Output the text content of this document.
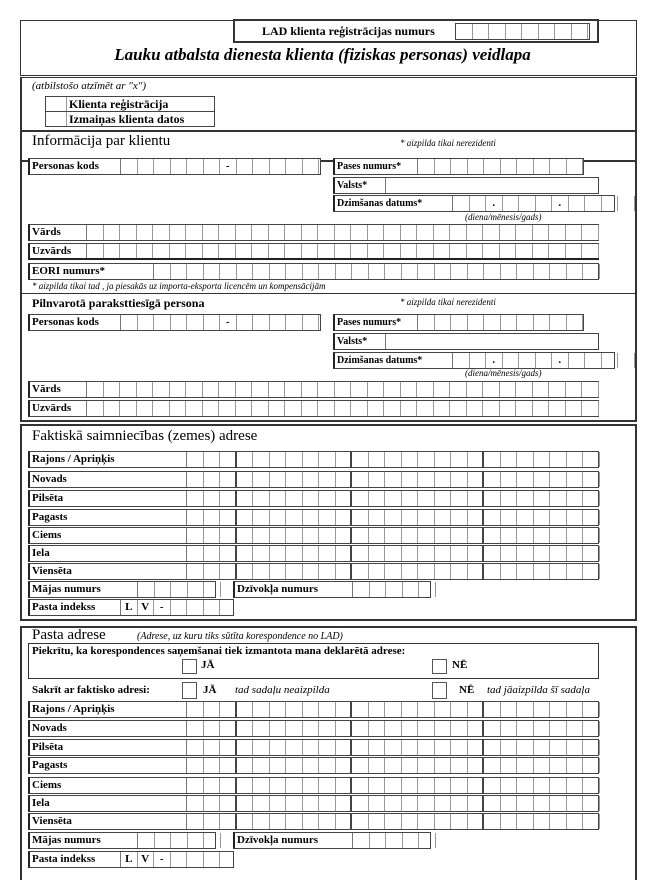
LAD klienta reģistrācijas numurs
Lauku atbalsta dienesta klienta (fiziskas personas) veidlapa
(atbilstošo atzīmēt ar "x")
Klienta reģistrācija
Izmaiņas klienta datos
Informācija par klientu	* aizpilda tikai nerezidenti
Personas kods	-	Pases numurs*
Valsts*
Dzimšanas datums*	.	.
(diena/mēnesis/gads)
Vārds
Uzvārds
EORI numurs*
* aizpilda tikai tad , ja piesakās uz importa-eksporta licencēm un kompensācijām
Pilnvarotā paraksttiesīgā persona	* aizpilda tikai nerezidenti
Personas kods	-	Pases numurs*
Valsts*
Dzimšanas datums*	.	.
(diena/mēnesis/gads)
Vārds
Uzvārds
Faktiskā saimniecības (zemes) adrese
Rajons / Apriņķis
Novads
Pilsēta
Pagasts
Ciems
Iela
Viensēta
Mājas numurs	Dzīvokļa numurs
Pasta indekss	L V -
Pasta adrese	(Adrese, uz kuru tiks sūtīta korespondence no LAD)
Piekrītu, ka korespondences saņemšanai tiek izmantota mana deklarētā adrese:
JĀ	NĒ
Sakrīt ar faktisko adresi:	JĀ tad sadaļu neaizpilda	NĒ tad jāaizpilda šī sadaļa
Rajons / Apriņķis
Novads
Pilsēta
Pagasts
Ciems
Iela
Viensēta
Mājas numurs	Dzīvokļa numurs
Pasta indekss	L V -
